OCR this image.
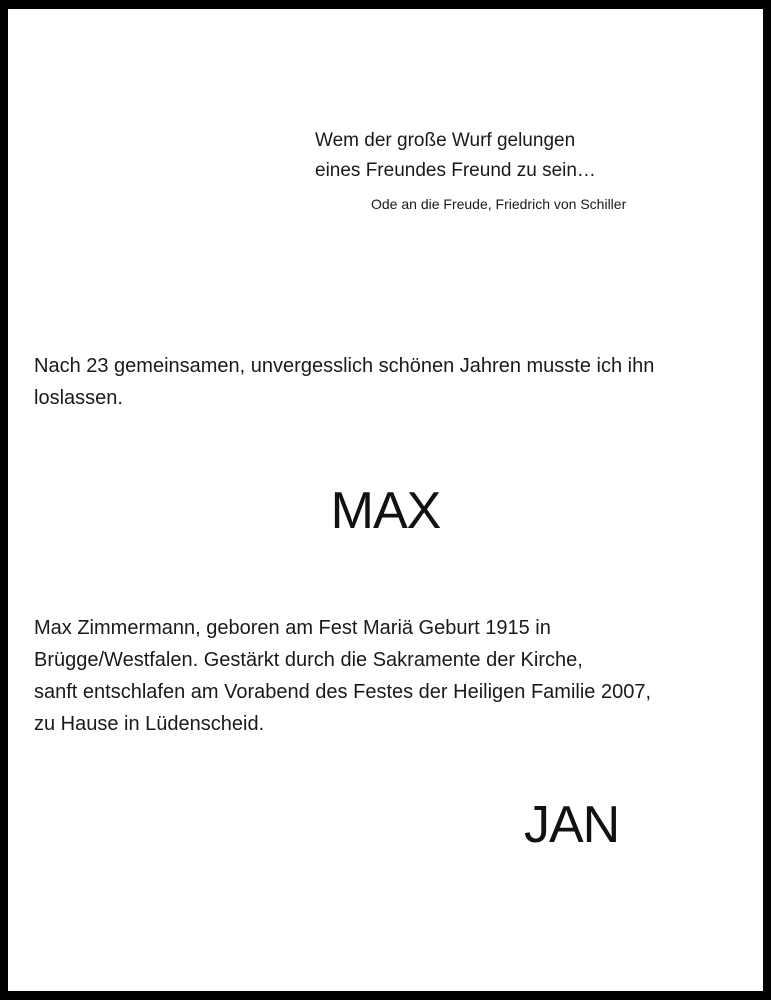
Wem der große Wurf gelungen
eines Freundes Freund zu sein…
Ode an die Freude, Friedrich von Schiller
Nach 23 gemeinsamen, unvergesslich schönen Jahren musste ich ihn
loslassen.
MAX
Max Zimmermann, geboren am Fest Mariä Geburt 1915 in
Brügge/Westfalen. Gestärkt durch die Sakramente der Kirche,
sanft entschlafen am Vorabend des Festes der Heiligen Familie 2007,
zu Hause in Lüdenscheid.
JAN
